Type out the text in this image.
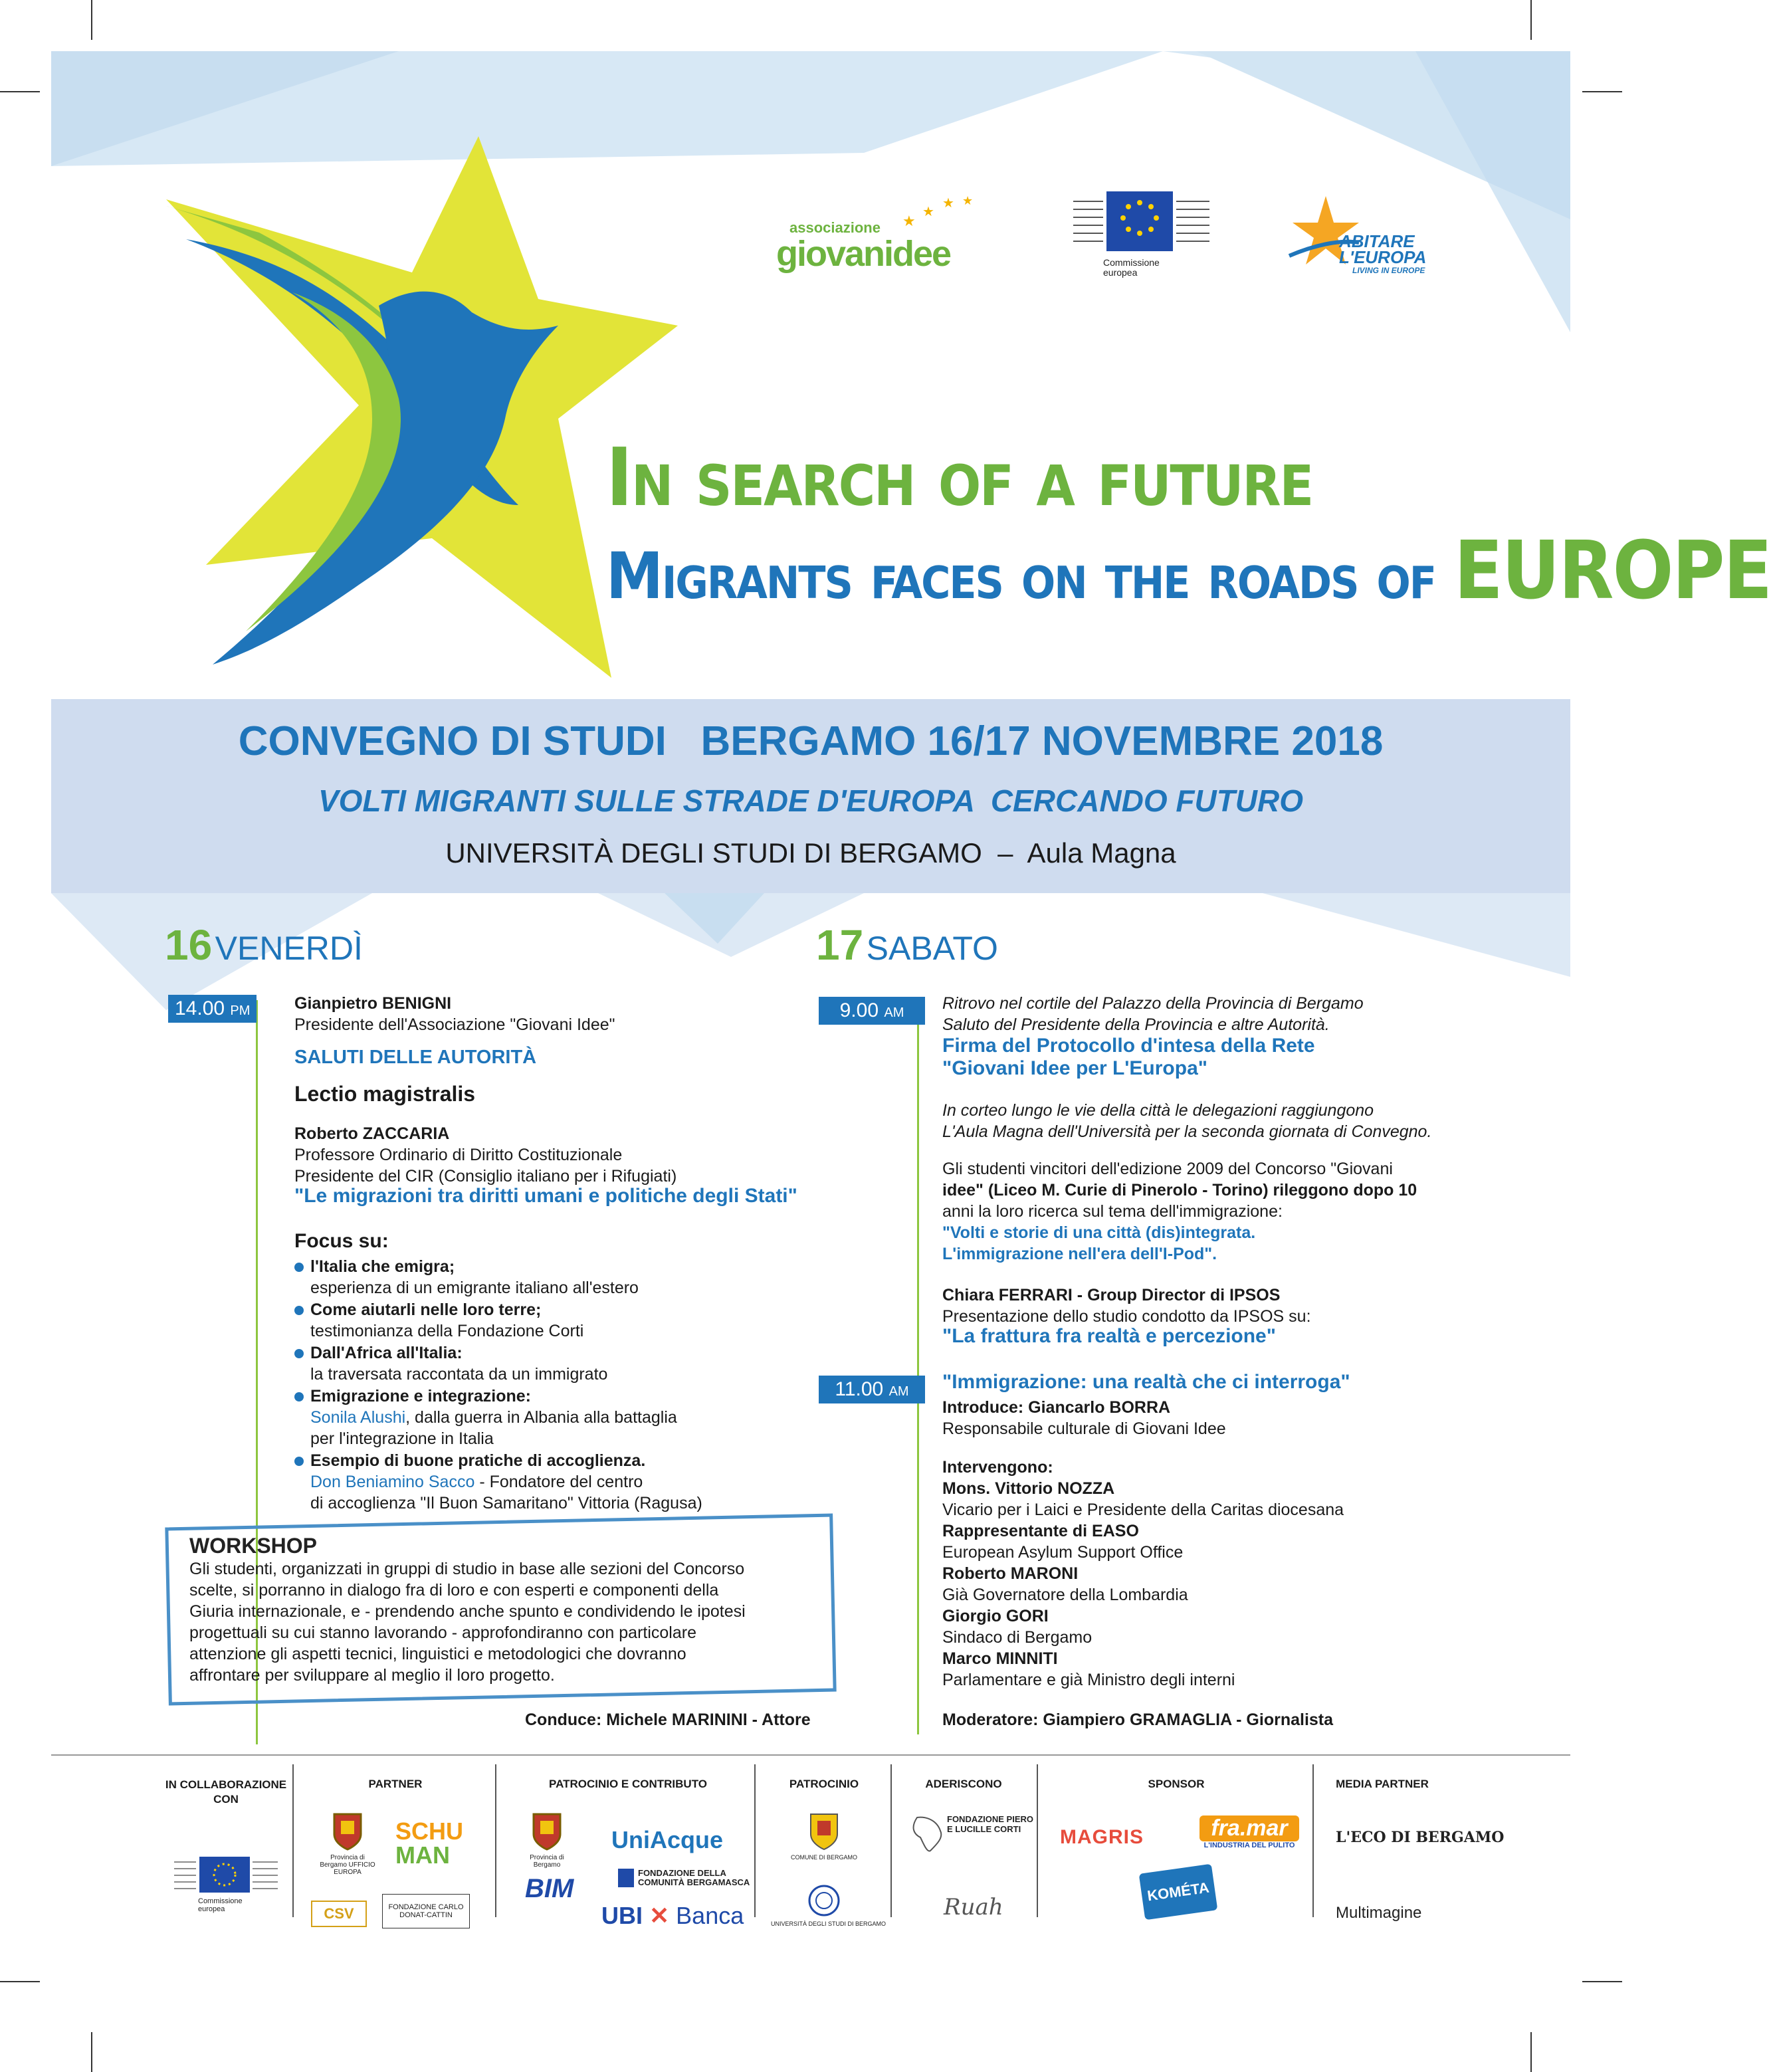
associazione
giovanidee
★
★
★ ★
Commissione europea
ABITARE
L'EUROPA
LIVING IN EUROPE
In search of a future
Migrants faces on the roads of EUROPE
CONVEGNO DI STUDI   BERGAMO 16/17 NOVEMBRE 2018
VOLTI MIGRANTI SULLE STRADE D'EUROPA  CERCANDO FUTURO
UNIVERSITÀ DEGLI STUDI DI BERGAMO  –  Aula Magna
16 VENERDÌ
14.00 PM	Gianpietro BENIGNI
Presidente dell'Associazione "Giovani Idee"
SALUTI DELLE AUTORITÀ
Lectio magistralis
Roberto ZACCARIA
Professore Ordinario di Diritto Costituzionale
Presidente del CIR (Consiglio italiano per i Rifugiati)
"Le migrazioni tra diritti umani e politiche degli Stati"
Focus su:
l'Italia che emigra;
esperienza di un emigrante italiano all'estero
Come aiutarli nelle loro terre;
testimonianza della Fondazione Corti
Dall'Africa all'Italia:
la traversata raccontata da un immigrato
Emigrazione e integrazione:
Sonila Alushi, dalla guerra in Albania alla battaglia
per l'integrazione in Italia
Esempio di buone pratiche di accoglienza.
Don Beniamino Sacco - Fondatore del centro
di accoglienza "Il Buon Samaritano" Vittoria (Ragusa)
WORKSHOP
Gli studenti, organizzati in gruppi di studio in base alle sezioni del Concorso
scelte, si porranno in dialogo fra di loro e con esperti e componenti della
Giuria internazionale, e - prendendo anche spunto e condividendo le ipotesi
progettuali su cui stanno lavorando - approfondiranno con particolare
attenzione gli aspetti tecnici, linguistici e metodologici che dovranno
affrontare per sviluppare al meglio il loro progetto.
Conduce: Michele MARININI - Attore
17 SABATO
9.00 AM	Ritrovo nel cortile del Palazzo della Provincia di Bergamo
Saluto del Presidente della Provincia e altre Autorità.
Firma del Protocollo d'intesa della Rete
"Giovani Idee per L'Europa"
In corteo lungo le vie della città le delegazioni raggiungono
L'Aula Magna dell'Università per la seconda giornata di Convegno.
Gli studenti vincitori dell'edizione 2009 del Concorso "Giovani
idee" (Liceo M. Curie di Pinerolo - Torino) rileggono dopo 10
anni la loro ricerca sul tema dell'immigrazione:
"Volti e storie di una città (dis)integrata.
L'immigrazione nell'era dell'I-Pod".
Chiara FERRARI - Group Director di IPSOS
Presentazione dello studio condotto da IPSOS su:
"La frattura fra realtà e percezione"
11.00 AM	"Immigrazione: una realtà che ci interroga"
Introduce: Giancarlo BORRA
Responsabile culturale di Giovani Idee
Intervengono:
Mons. Vittorio NOZZA
Vicario per i Laici e Presidente della Caritas diocesana
Rappresentante di EASO
European Asylum Support Office
Roberto MARONI
Già Governatore della Lombardia
Giorgio GORI
Sindaco di Bergamo
Marco MINNITI
Parlamentare e già Ministro degli interni
Moderatore: Giampiero GRAMAGLIA - Giornalista
IN COLLABORAZIONE
CON
PARTNER	PATROCINIO E CONTRIBUTO	PATROCINIO	ADERISCONO	SPONSOR	MEDIA PARTNER
Commissione europea
Provincia di Bergamo UFFICIO EUROPA
SCHU
MAN
CSV	FONDAZIONE CARLO DONAT-CATTIN
Provincia di Bergamo
UniAcque
BIM
FONDAZIONE DELLA COMUNITÀ BERGAMASCA
UBI ✕ Banca
COMUNE DI BERGAMO
UNIVERSITÀ DEGLI STUDI DI BERGAMO
FONDAZIONE PIERO E LUCILLE CORTI
Ruah
MAGRIS	fra.mar
L'INDUSTRIA DEL PULITO
KOMÉTA
L'ECO DI BERGAMO
Multimagine
